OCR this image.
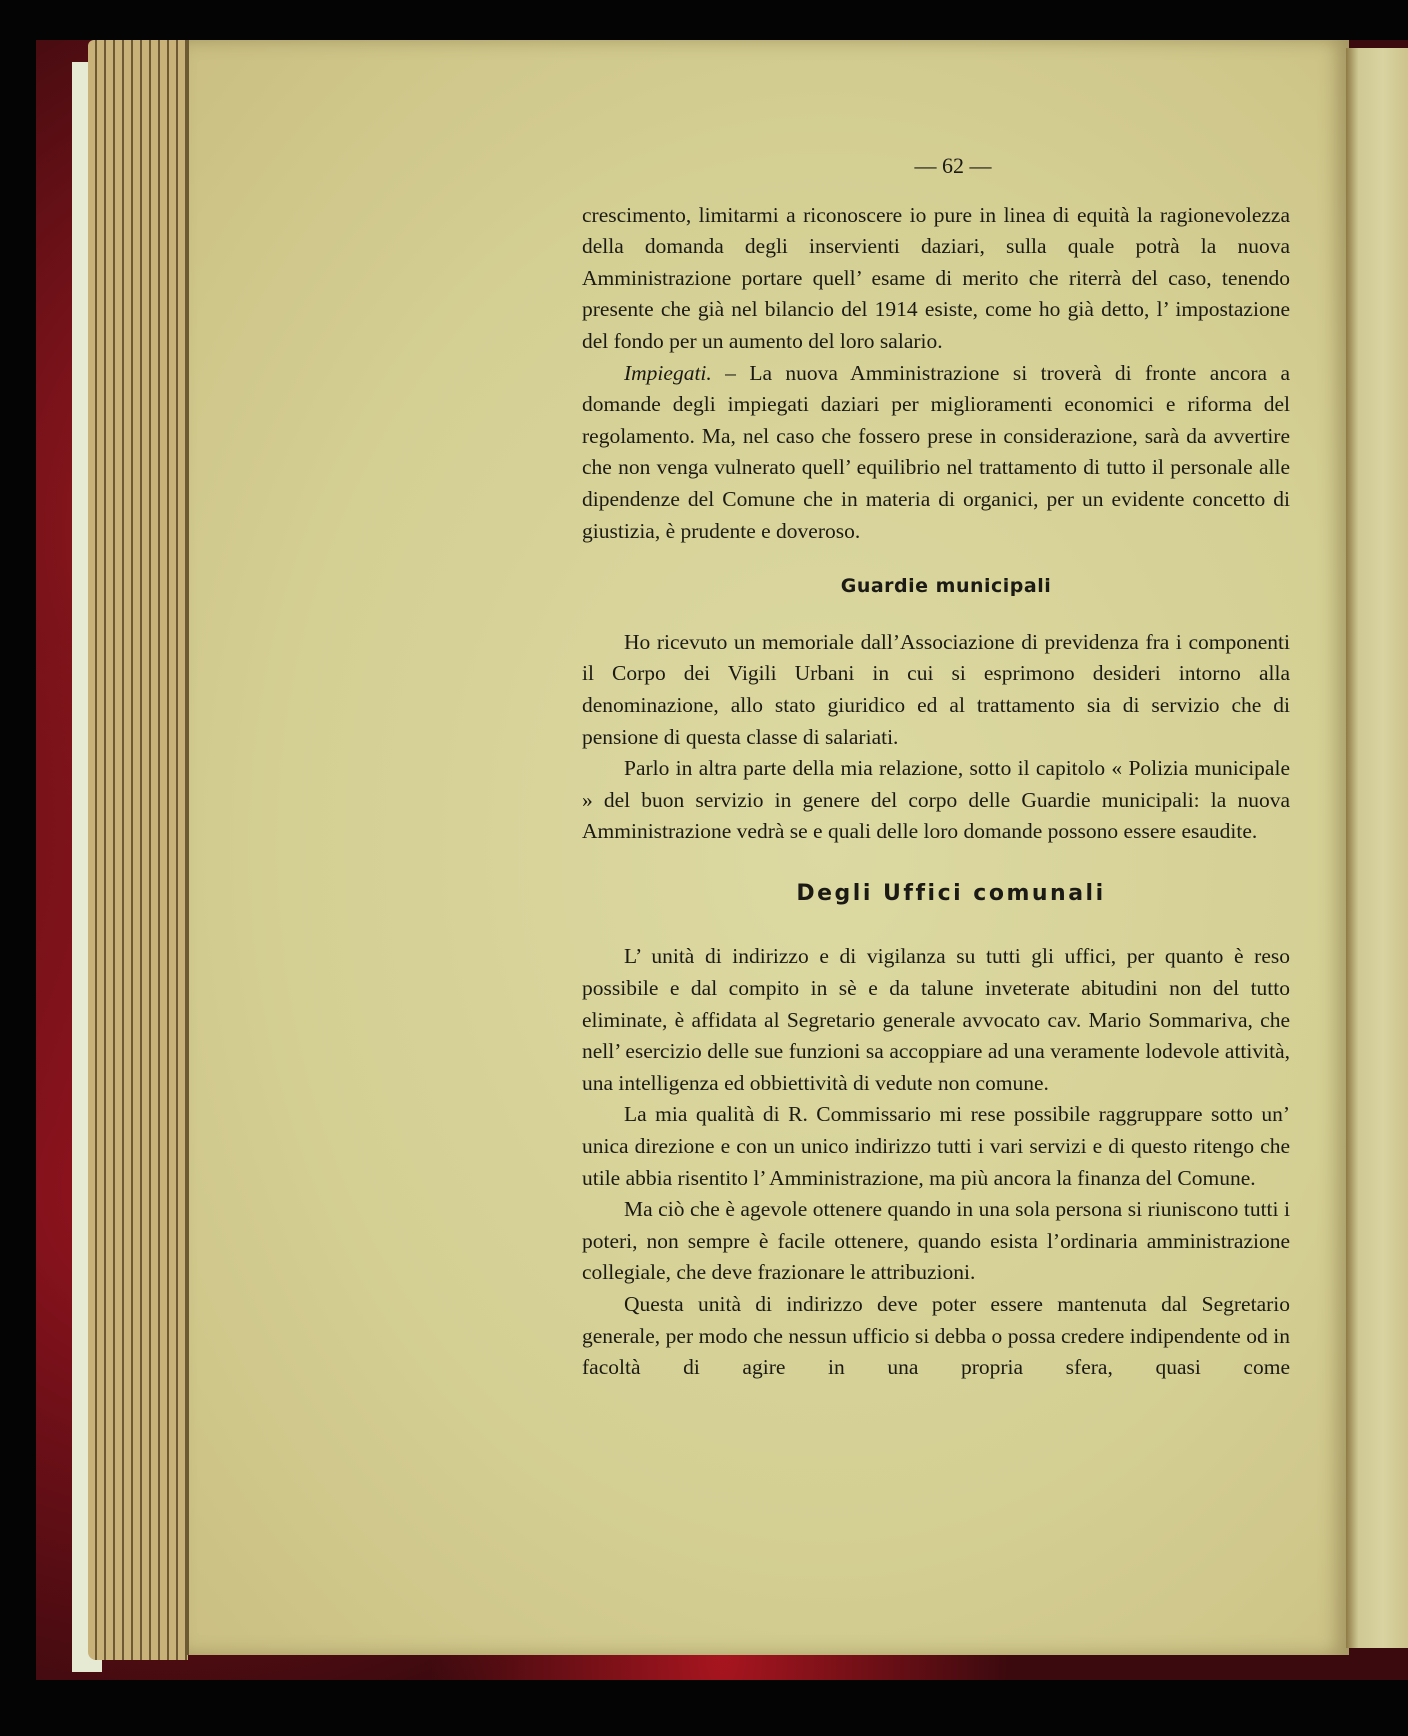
— 62 —

crescimento, limitarmi a riconoscere io pure in linea di equità la ragionevolezza della domanda degli inservienti daziari, sulla quale potrà la nuova Amministrazione portare quell’ esame di merito che riterrà del caso, tenendo presente che già nel bilancio del 1914 esiste, come ho già detto, l’ impostazione del fondo per un aumento del loro salario.

Impiegati. – La nuova Amministrazione si troverà di fronte ancora a domande degli impiegati daziari per miglioramenti economici e riforma del regolamento. Ma, nel caso che fossero prese in considerazione, sarà da avvertire che non venga vulnerato quell’ equilibrio nel trattamento di tutto il personale alle dipendenze del Comune che in materia di organici, per un evidente concetto di giustizia, è prudente e doveroso.

Guardie municipali

Ho ricevuto un memoriale dall’Associazione di previdenza fra i componenti il Corpo dei Vigili Urbani in cui si esprimono desideri intorno alla denominazione, allo stato giuridico ed al trattamento sia di servizio che di pensione di questa classe di salariati.

Parlo in altra parte della mia relazione, sotto il capitolo « Polizia municipale » del buon servizio in genere del corpo delle Guardie municipali: la nuova Amministrazione vedrà se e quali delle loro domande possono essere esaudite.

Degli Uffici comunali

L’ unità di indirizzo e di vigilanza su tutti gli uffici, per quanto è reso possibile e dal compito in sè e da talune inveterate abitudini non del tutto eliminate, è affidata al Segretario generale avvocato cav. Mario Sommariva, che nell’ esercizio delle sue funzioni sa accoppiare ad una veramente lodevole attività, una intelligenza ed obbiettività di vedute non comune.

La mia qualità di R. Commissario mi rese possibile raggruppare sotto un’ unica direzione e con un unico indirizzo tutti i vari servizi e di questo ritengo che utile abbia risentito l’ Amministrazione, ma più ancora la finanza del Comune.

Ma ciò che è agevole ottenere quando in una sola persona si riuniscono tutti i poteri, non sempre è facile ottenere, quando esista l’ordinaria amministrazione collegiale, che deve frazionare le attribuzioni.

Questa unità di indirizzo deve poter essere mantenuta dal Segretario generale, per modo che nessun ufficio si debba o possa credere indipendente od in facoltà di agire in una propria sfera, quasi come
